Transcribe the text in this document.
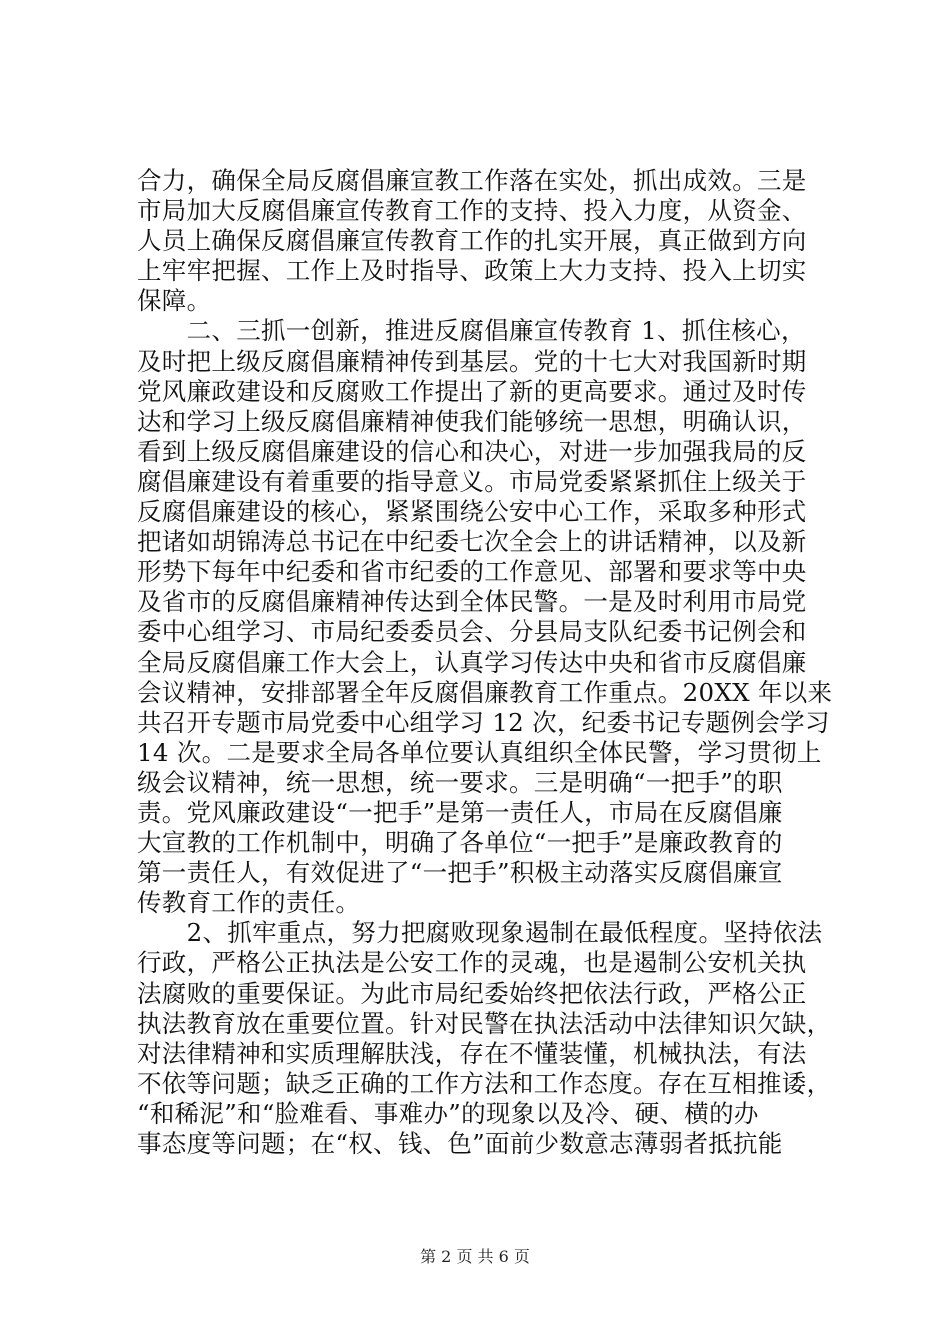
合力，确保全局反腐倡廉宣教工作落在实处，抓出成效。三是
市局加大反腐倡廉宣传教育工作的支持、投入力度，从资金、
人员上确保反腐倡廉宣传教育工作的扎实开展，真正做到方向
上牢牢把握、工作上及时指导、政策上大力支持、投入上切实
保障。
　　二、三抓一创新，推进反腐倡廉宣传教育 1、抓住核心，
及时把上级反腐倡廉精神传到基层。党的十七大对我国新时期
党风廉政建设和反腐败工作提出了新的更高要求。通过及时传
达和学习上级反腐倡廉精神使我们能够统一思想，明确认识，
看到上级反腐倡廉建设的信心和决心，对进一步加强我局的反
腐倡廉建设有着重要的指导意义。市局党委紧紧抓住上级关于
反腐倡廉建设的核心，紧紧围绕公安中心工作，采取多种形式
把诸如胡锦涛总书记在中纪委七次全会上的讲话精神，以及新
形势下每年中纪委和省市纪委的工作意见、部署和要求等中央
及省市的反腐倡廉精神传达到全体民警。一是及时利用市局党
委中心组学习、市局纪委委员会、分县局支队纪委书记例会和
全局反腐倡廉工作大会上，认真学习传达中央和省市反腐倡廉
会议精神，安排部署全年反腐倡廉教育工作重点。20XX 年以来
共召开专题市局党委中心组学习 12 次，纪委书记专题例会学习
14 次。二是要求全局各单位要认真组织全体民警，学习贯彻上
级会议精神，统一思想，统一要求。三是明确“一把手”的职
责。党风廉政建设“一把手”是第一责任人，市局在反腐倡廉
大宣教的工作机制中，明确了各单位“一把手”是廉政教育的
第一责任人，有效促进了“一把手”积极主动落实反腐倡廉宣
传教育工作的责任。
　　2、抓牢重点，努力把腐败现象遏制在最低程度。坚持依法
行政，严格公正执法是公安工作的灵魂，也是遏制公安机关执
法腐败的重要保证。为此市局纪委始终把依法行政，严格公正
执法教育放在重要位置。针对民警在执法活动中法律知识欠缺，
对法律精神和实质理解肤浅，存在不懂装懂，机械执法，有法
不依等问题；缺乏正确的工作方法和工作态度。存在互相推诿，
“和稀泥”和“脸难看、事难办”的现象以及冷、硬、横的办
事态度等问题；在“权、钱、色”面前少数意志薄弱者抵抗能
第 2 页 共 6 页
